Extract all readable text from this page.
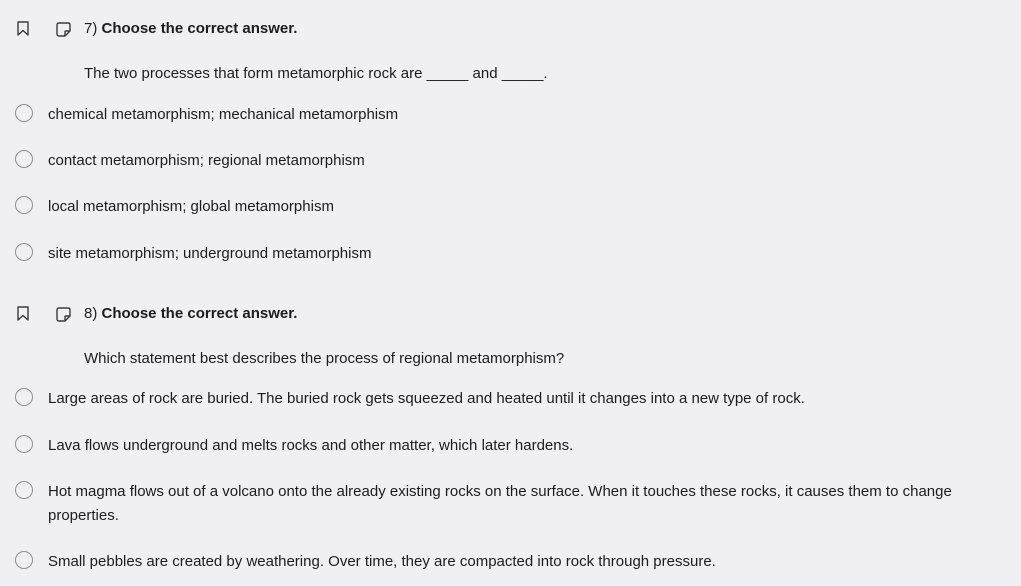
7) Choose the correct answer.
The two processes that form metamorphic rock are _____ and _____.
chemical metamorphism; mechanical metamorphism
contact metamorphism; regional metamorphism
local metamorphism; global metamorphism
site metamorphism; underground metamorphism
8) Choose the correct answer.
Which statement best describes the process of regional metamorphism?
Large areas of rock are buried. The buried rock gets squeezed and heated until it changes into a new type of rock.
Lava flows underground and melts rocks and other matter, which later hardens.
Hot magma flows out of a volcano onto the already existing rocks on the surface. When it touches these rocks, it causes them to change properties.
Small pebbles are created by weathering. Over time, they are compacted into rock through pressure.
